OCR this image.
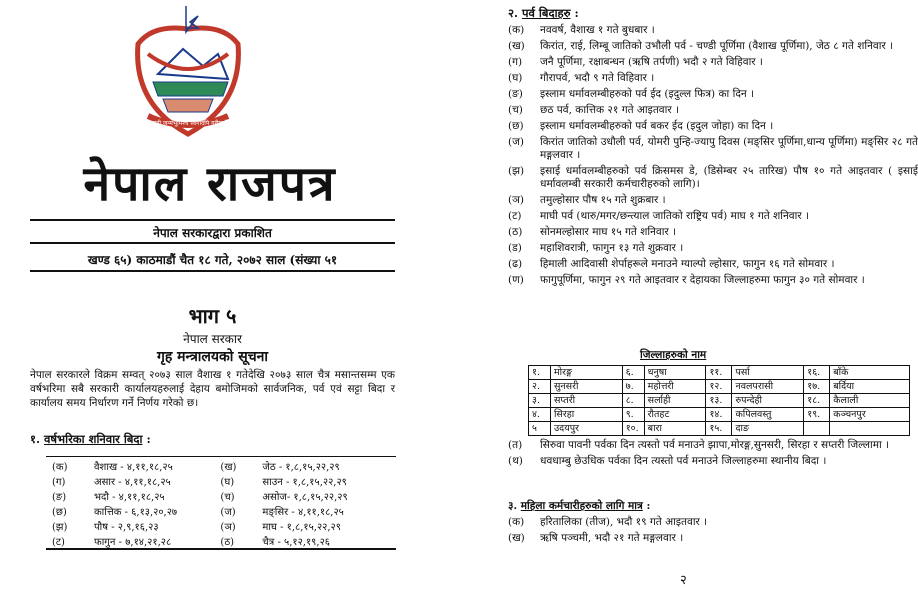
जननी जन्मभूमिश्च स्वर्गादपि गरीयसी
नेपाल राजपत्र
नेपाल सरकारद्वारा प्रकाशित
खण्ड ६५) काठमाडौं चैत १८ गते, २०७२ साल (संख्या ५१
भाग ५
नेपाल सरकार
गृह मन्त्रालयको सूचना
नेपाल सरकारले विक्रम सम्वत् २०७३ साल वैशाख १ गतेदेखि २०७३ साल चैत्र मसान्तसम्म एक वर्षभरिमा सबै सरकारी कार्यालयहरुलाई देहाय बमोजिमको सार्वजनिक, पर्व एवं सट्टा बिदा र कार्यालय समय निर्धारण गर्ने निर्णय गरेको छ।
१. वर्षभरिका शनिवार बिदा :
(क)	वैशाख - ४,११,१८,२५	(ख)	जेठ - १,८,१५,२२,२९
(ग)	असार - ४,११,१८,२५	(घ)	साउन - १,८,१५,२२,२९
(ङ)	भदौ - ४,११,१८,२५	(च)	असोज- १,८,१५,२२,२९
(छ)	कात्तिक - ६,१३,२०,२७	(ज)	मङ्सिर - ४,११,१८,२५
(झ)	पौष - २,९,१६,२३	(ञ)	माघ - १,८,१५,२२,२९
(ट)	फागुन - ७,१४,२१,२८	(ठ)	चैत्र - ५,१२,१९,२६
२. पर्व बिदाहरु :
(क)	नववर्ष, वैशाख १ गते बुधबार ।
(ख)	किरांत, राई, लिम्बू जातिको उभौली पर्व - चण्डी पूर्णिमा (वैशाख पूर्णिमा), जेठ ८ गते शनिवार ।
(ग)	जनै पूर्णिमा, रक्षाबन्धन (ऋषि तर्पणी) भदौ २ गते विहिवार ।
(घ)	गौरापर्व, भदौ ९ गते विहिवार ।
(ङ)	इस्लाम धर्मावलम्बीहरुको पर्व ईद (इदुल्ल फित्र) का दिन ।
(च)	छठ पर्व, कात्तिक २१ गते आइतवार ।
(छ)	इस्लाम धर्मावलम्बीहरुको पर्व बकर ईद (इदुल जोहा) का दिन ।
(ज)	किरांत जातिको उधौली पर्व, योमरी पुन्हि-ज्यापु दिवस (मङ्सिर पूर्णिमा,धान्य पूर्णिमा) मङ्सिर २८ गते मङ्गलवार ।
(झ)	इसाई धर्मावलम्बीहरुको पर्व क्रिसमस डे, (डिसेम्बर २५ तारिख) पौष १० गते आइतवार ( इसाई धर्मावलम्बी सरकारी कर्मचारीहरुको लागि)।
(ञ)	तमुल्होसार पौष १५ गते शुक्रबार ।
(ट)	माघी पर्व (थारु/मगर/छन्त्याल जातिको राष्ट्रिय पर्व) माघ १ गते शनिवार ।
(ठ)	सोनमल्होसार माघ १५ गते शनिवार ।
(ड)	महाशिवरात्री, फागुन १३ गते शुक्रवार ।
(ढ)	हिमाली आदिवासी शेर्पाहरूले मनाउने ग्याल्पो ल्होसार, फागुन १६ गते सोमवार ।
(ण)	फागुपूर्णिमा, फागुन २९ गते आइतवार र देहायका जिल्लाहरुमा फागुन ३० गते सोमवार ।
जिल्लाहरुको नाम
१.	मोरङ्ग	६.	धनुषा	११.	पर्सा	१६.	बाँके
२.	सुनसरी	७.	महोत्तरी	१२.	नवलपरासी	१७.	बर्दिया
३.	सप्तरी	८.	सर्लाही	१३.	रुपन्देही	१८.	कैलाली
४.	सिरहा	९.	रौतहट	१४.	कपिलवस्तु	१९.	कञ्चनपुर
५	उदयपुर	१०.	बारा	१५.	दाङ		
(त)	सिरुवा पावनी पर्वका दिन त्यस्तो पर्व मनाउने झापा,मोरङ्ग,सुनसरी, सिरहा र सप्तरी जिल्लामा ।
(थ)	धवधाम्बु छेउधिक पर्वका दिन त्यस्तो पर्व मनाउने जिल्लाहरुमा स्थानीय बिदा ।
३. महिला कर्मचारीहरुको लागि मात्र :
(क)	हरितालिका (तीज), भदौ १९ गते आइतवार ।
(ख)	ऋषि पञ्चमी, भदौ २१ गते मङ्गलवार ।
२
